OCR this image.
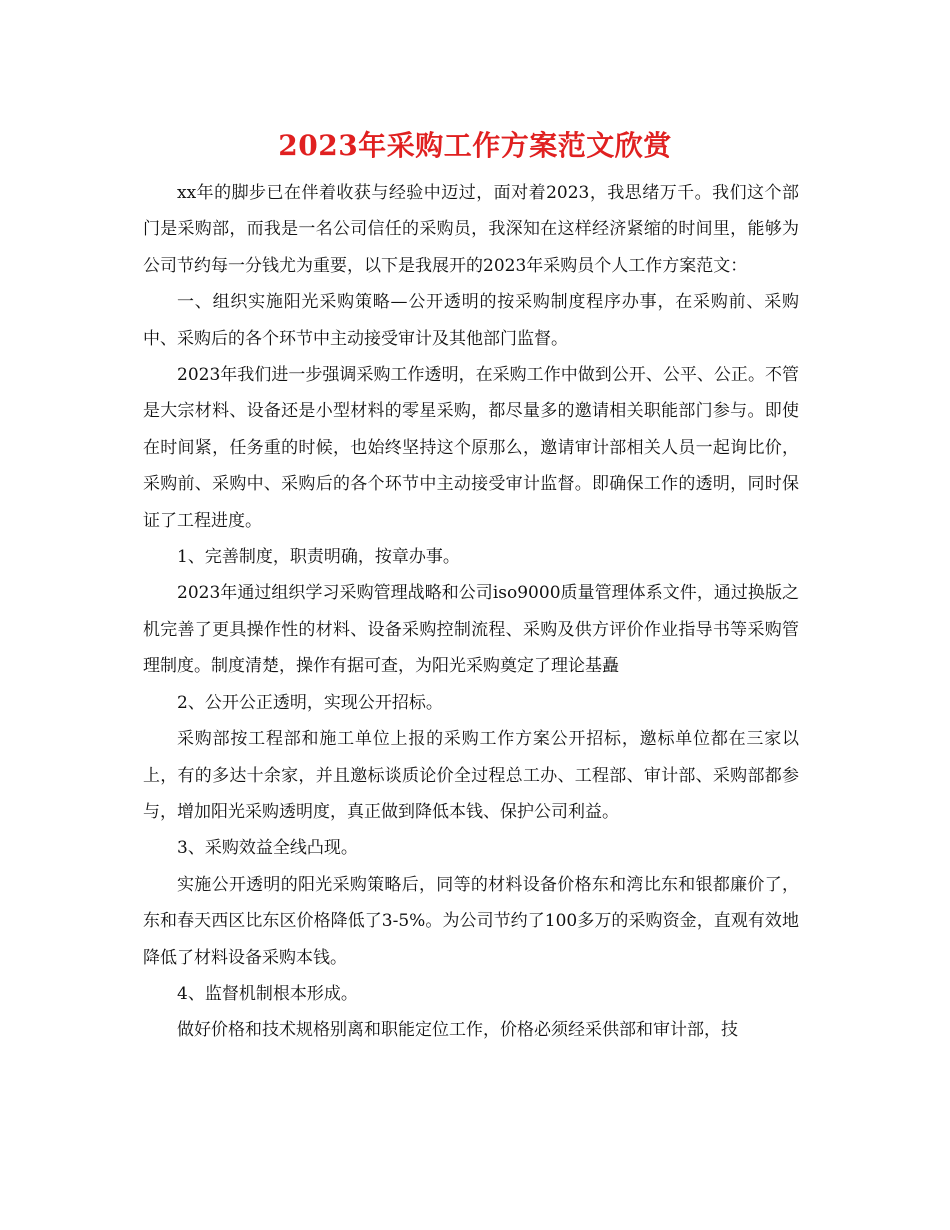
2023年采购工作方案范文欣赏

xx年的脚步已在伴着收获与经验中迈过，面对着2023，我思绪万千。我们这个部门是采购部，而我是一名公司信任的采购员，我深知在这样经济紧缩的时间里，能够为公司节约每一分钱尤为重要，以下是我展开的2023年采购员个人工作方案范文：

一、组织实施阳光采购策略—公开透明的按采购制度程序办事，在采购前、采购中、采购后的各个环节中主动接受审计及其他部门监督。

2023年我们进一步强调采购工作透明，在采购工作中做到公开、公平、公正。不管是大宗材料、设备还是小型材料的零星采购，都尽量多的邀请相关职能部门参与。即使在时间紧，任务重的时候，也始终坚持这个原那么，邀请审计部相关人员一起询比价，采购前、采购中、采购后的各个环节中主动接受审计监督。即确保工作的透明，同时保证了工程进度。

1、完善制度，职责明确，按章办事。

2023年通过组织学习采购管理战略和公司iso9000质量管理体系文件，通过换版之机完善了更具操作性的材料、设备采购控制流程、采购及供方评价作业指导书等采购管理制度。制度清楚，操作有据可查，为阳光采购奠定了理论基矗

2、公开公正透明，实现公开招标。

采购部按工程部和施工单位上报的采购工作方案公开招标，邀标单位都在三家以上，有的多达十余家，并且邀标谈质论价全过程总工办、工程部、审计部、采购部都参与，增加阳光采购透明度，真正做到降低本钱、保护公司利益。

3、采购效益全线凸现。

实施公开透明的阳光采购策略后，同等的材料设备价格东和湾比东和银都廉价了，东和春天西区比东区价格降低了3-5%。为公司节约了100多万的采购资金，直观有效地降低了材料设备采购本钱。

4、监督机制根本形成。

做好价格和技术规格别离和职能定位工作，价格必须经采供部和审计部，技
